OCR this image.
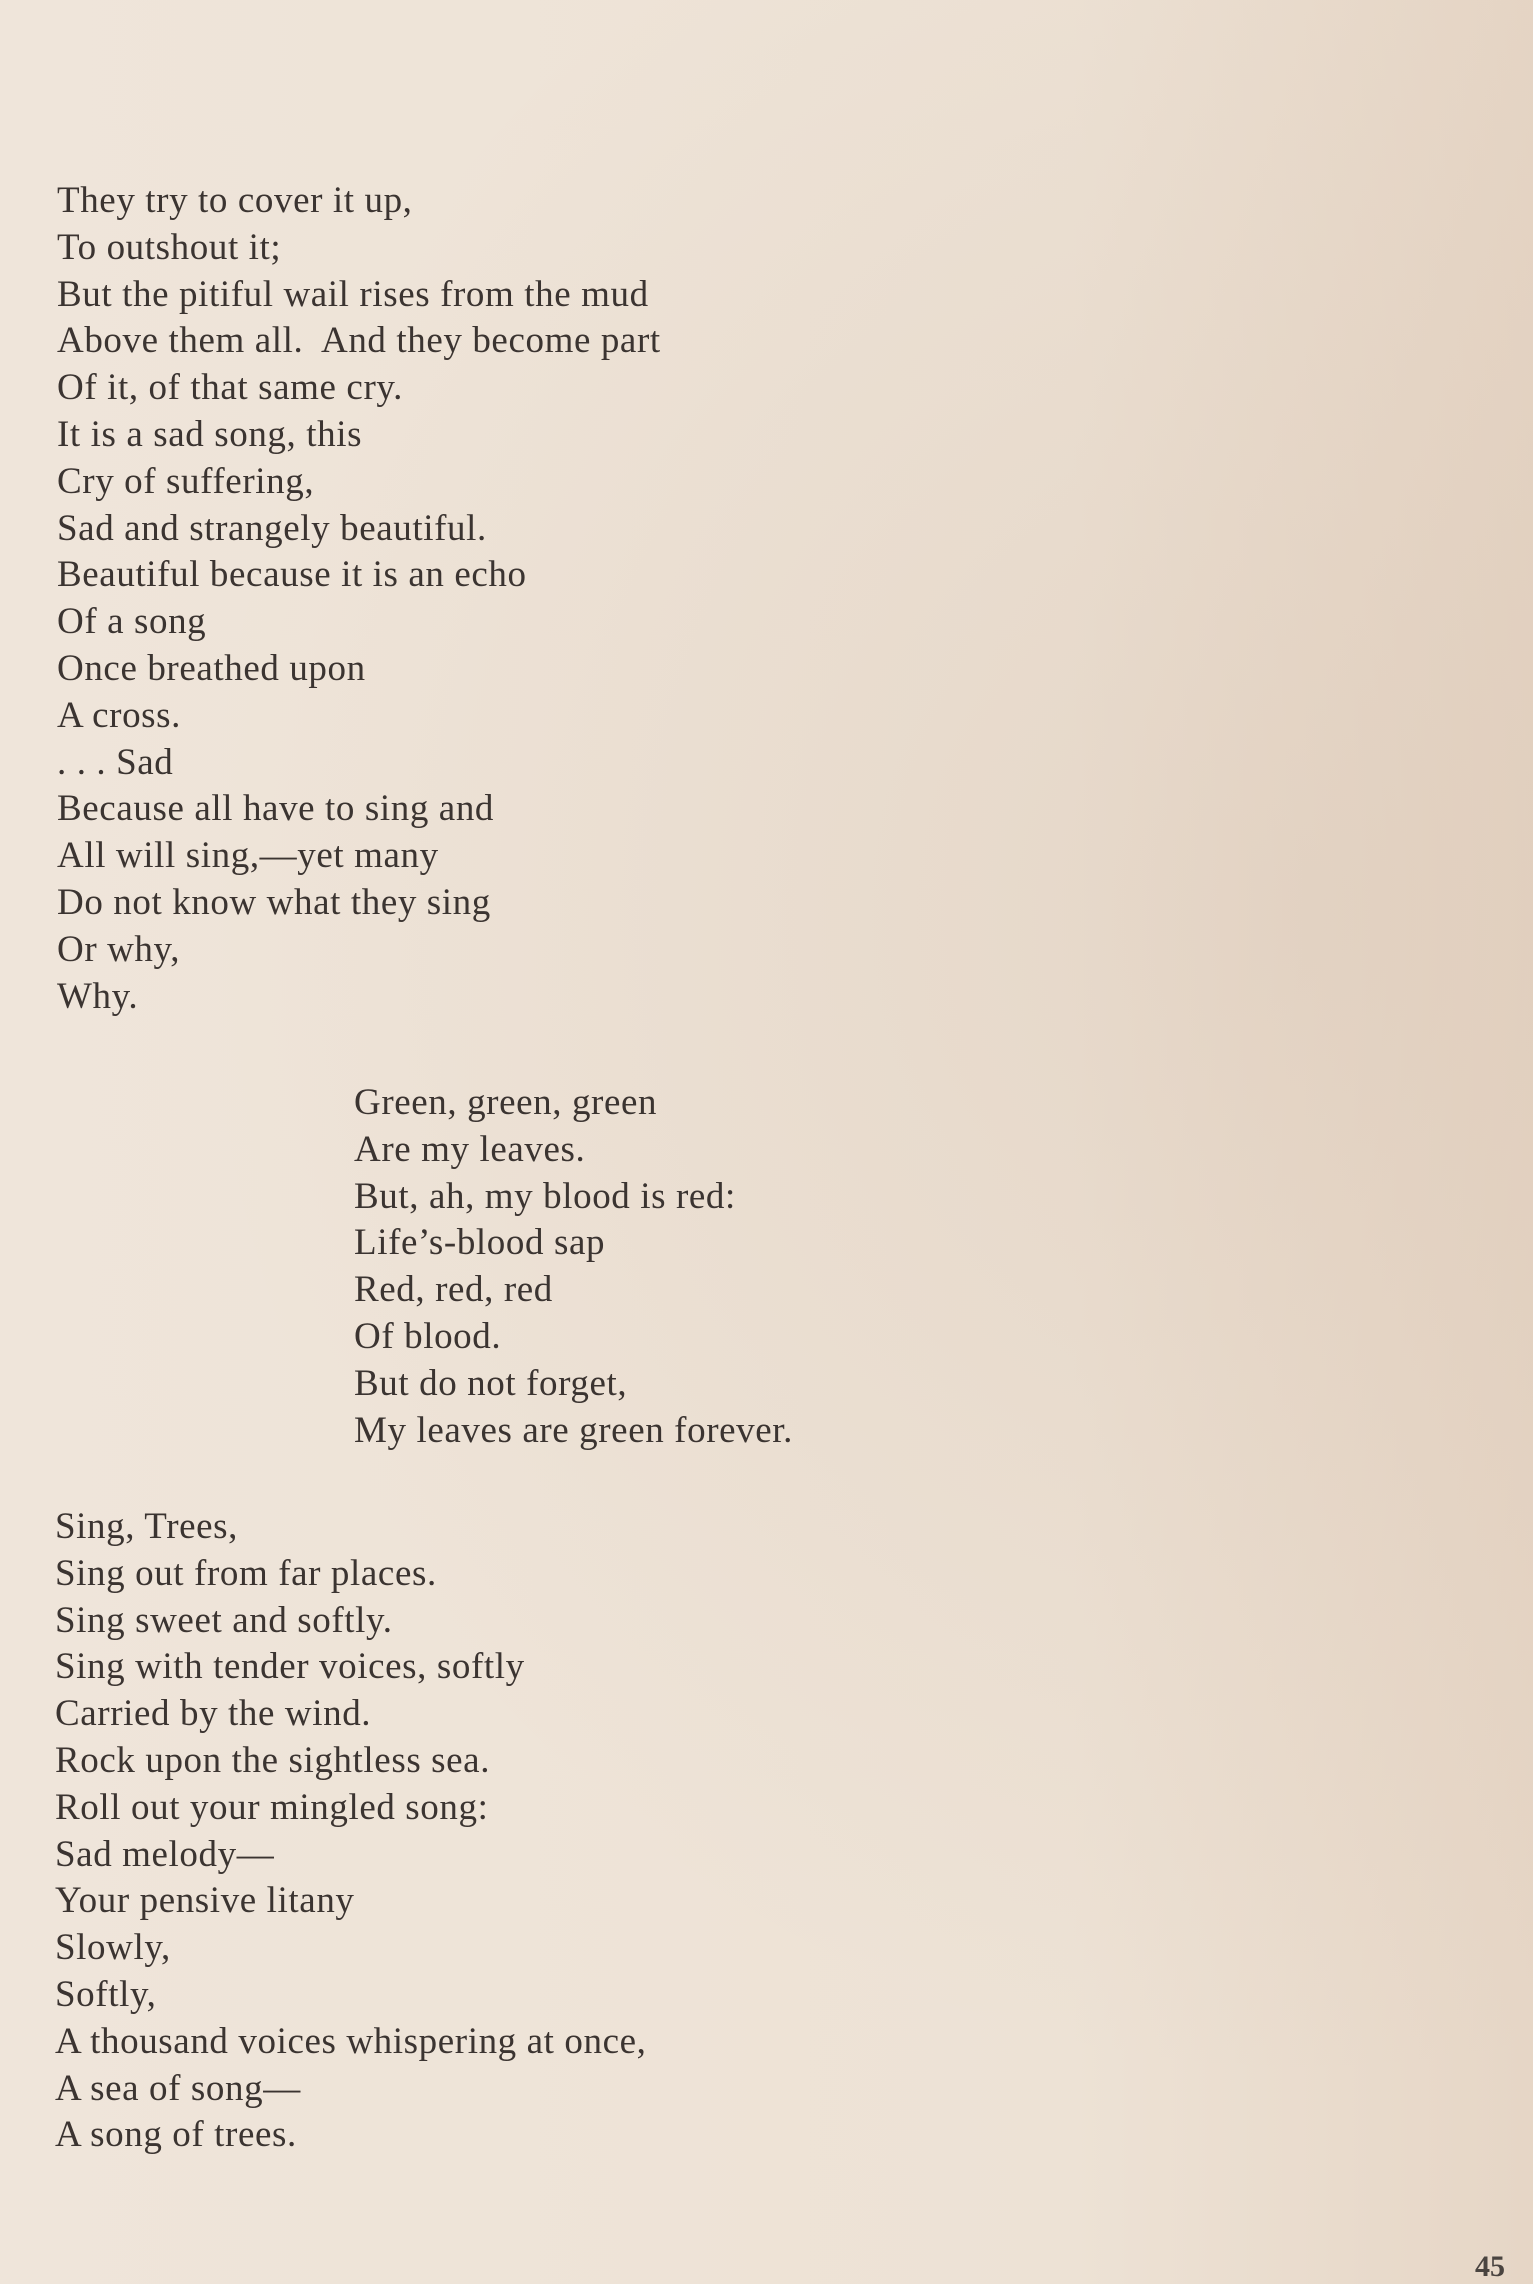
They try to cover it up,
To outshout it;
But the pitiful wail rises from the mud
Above them all.  And they become part
Of it, of that same cry.
It is a sad song, this
Cry of suffering,
Sad and strangely beautiful.
Beautiful because it is an echo
Of a song
Once breathed upon
A cross.
. . . Sad
Because all have to sing and
All will sing,—yet many
Do not know what they sing
Or why,
Why.
Green, green, green
Are my leaves.
But, ah, my blood is red:
Life’s-blood sap
Red, red, red
Of blood.
But do not forget,
My leaves are green forever.
Sing, Trees,
Sing out from far places.
Sing sweet and softly.
Sing with tender voices, softly
Carried by the wind.
Rock upon the sightless sea.
Roll out your mingled song:
Sad melody—
Your pensive litany
Slowly,
Softly,
A thousand voices whispering at once,
A sea of song—
A song of trees.
45
